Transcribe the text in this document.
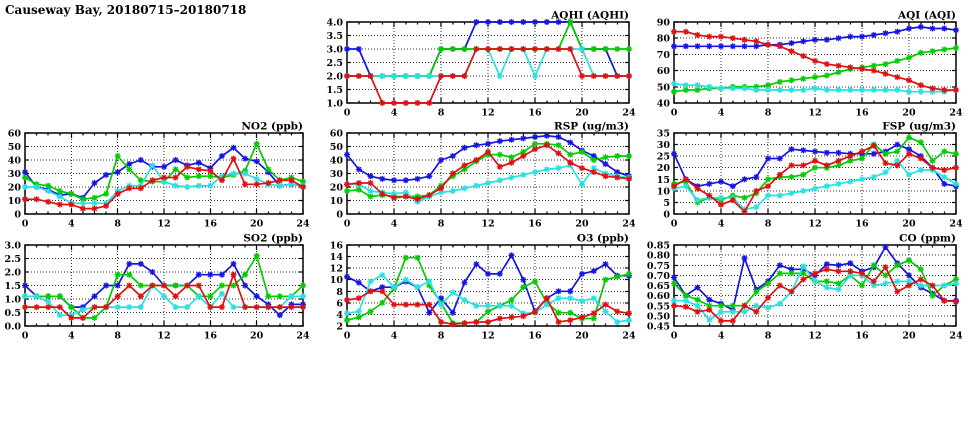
Causeway Bay, 20180715–20180718
1.0
1.5
2.0
2.5
3.0
3.5
4.0
0	4	8	12	16	20	24
AQHI (AQHI)
40
50
60
70
80
90
0	4	8	12	16	20	24
AQI (AQI)
0
10
20
30
40
50
60
0	4	8	12	16	20	24
NO2 (ppb)
0
10
20
30
40
50
60
0	4	8	12	16	20	24
RSP (ug/m3)
0
5
10
15
20
25
30
35
0	4	8	12	16	20	24
FSP (ug/m3)
0.0
0.5
1.0
1.5
2.0
2.5
3.0
0	4	8	12	16	20	24
SO2 (ppb)
2
4
6
8
10
12
14
16
0	4	8	12	16	20	24
O3 (ppb)
0.45
0.50
0.55
0.60
0.65
0.70
0.75
0.80
0.85
0	4	8	12	16	20	24
CO (ppm)
